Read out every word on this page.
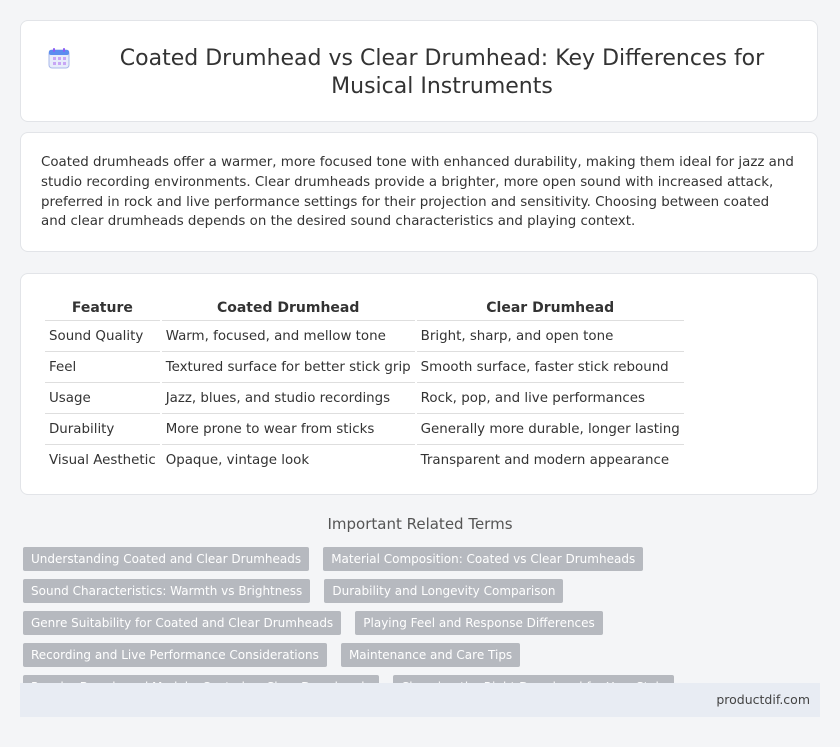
Coated Drumhead vs Clear Drumhead: Key Differences for Musical Instruments

Coated drumheads offer a warmer, more focused tone with enhanced durability, making them ideal for jazz and studio recording environments. Clear drumheads provide a brighter, more open sound with increased attack, preferred in rock and live performance settings for their projection and sensitivity. Choosing between coated and clear drumheads depends on the desired sound characteristics and playing context.

Feature	Coated Drumhead	Clear Drumhead
Sound Quality	Warm, focused, and mellow tone	Bright, sharp, and open tone
Feel	Textured surface for better stick grip	Smooth surface, faster stick rebound
Usage	Jazz, blues, and studio recordings	Rock, pop, and live performances
Durability	More prone to wear from sticks	Generally more durable, longer lasting
Visual Aesthetic	Opaque, vintage look	Transparent and modern appearance
Important Related Terms
Understanding Coated and Clear Drumheads	Material Composition: Coated vs Clear Drumheads Sound Characteristics: Warmth vs Brightness	Durability and Longevity Comparison Genre Suitability for Coated and Clear Drumheads	Playing Feel and Response Differences Recording and Live Performance Considerations	Maintenance and Care Tips
productdif.com
